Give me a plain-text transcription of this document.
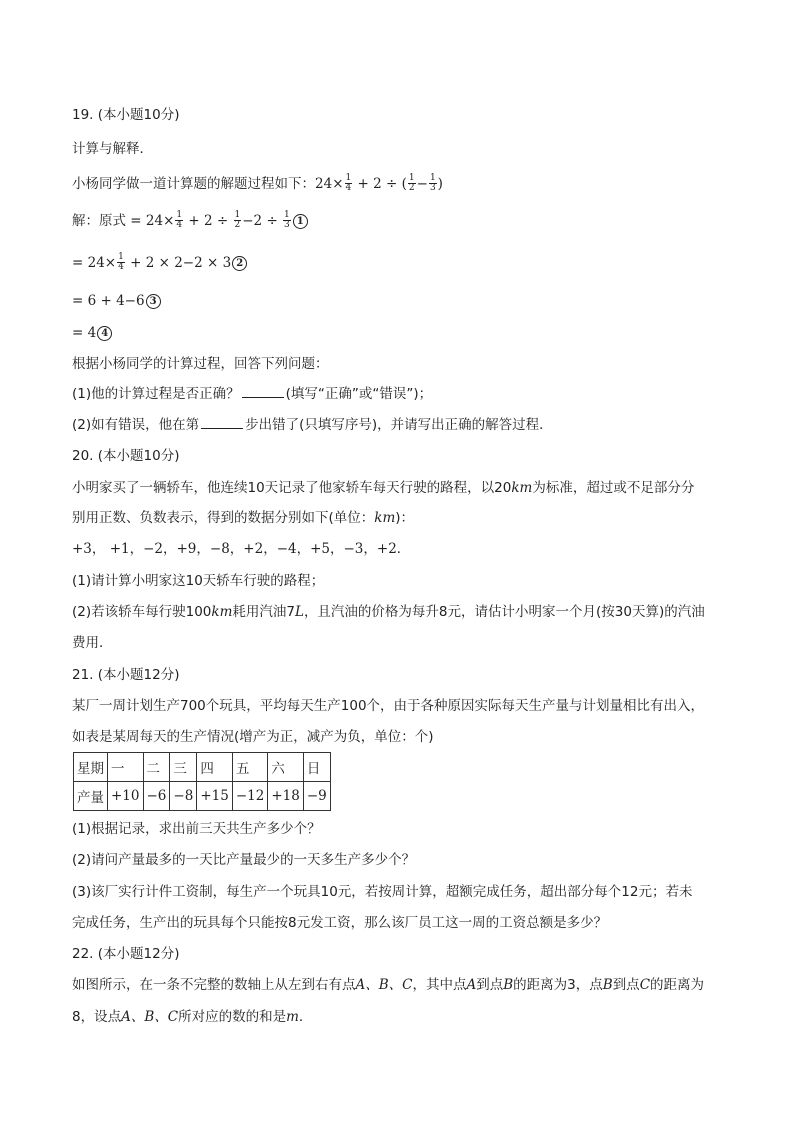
19. (本小题10分)
计算与解释．
小杨同学做一道计算题的解题过程如下：$24\times \frac{1}{4} + 2$ ÷ ( $\frac{1}{2} - \frac{1}{3}$ )
解：原式 = $24\times \frac{1}{4} + 2 \div \frac{1}{2} -2 \div \frac{1}{3} 1$
= $24\times \frac{1}{4} + 2 \times 2-2 \times 3$ 2
= 6 + 4−6 3
= 4 4
根据小杨同学的计算过程，回答下列问题：
(1)他的计算过程是否正确？	(填写“正确”或“错误”)；
(2)如有错误，他在第	步出错了(只填写序号)，并请写出正确的解答过程．
20. (本小题10分)
小明家买了一辆轿车，他连续10天记录了他家轿车每天行驶的路程，以20km为标准，超过或不足部分分
别用正数、负数表示，得到的数据分别如下(单位：km)：
+3， +1，−2，+9，−8，+2，−4，+5，−3，+2．
(1)请计算小明家这10天轿车行驶的路程；
(2)若该轿车每行驶100km耗用汽油7L，且汽油的价格为每升8元，请估计小明家一个月(按30天算)的汽油
费用．
21. (本小题12分)
某厂一周计划生产700个玩具，平均每天生产100个，由于各种原因实际每天生产量与计划量相比有出入，
如表是某周每天的生产情况(增产为正，减产为负，单位：个)
星期	一	二	三	四	五	六	日
产量	+10	−6	−8	+15	−12	+18	−9
(1)根据记录，求出前三天共生产多少个？
(2)请问产量最多的一天比产量最少的一天多生产多少个？
(3)该厂实行计件工资制，每生产一个玩具10元，若按周计算，超额完成任务，超出部分每个12元；若未
完成任务，生产出的玩具每个只能按8元发工资，那么该厂员工这一周的工资总额是多少？
22. (本小题12分)
如图所示，在一条不完整的数轴上从左到右有点A、B、C，其中点A到点B的距离为3，点B到点C的距离为
8，设点A、B、C所对应的数的和是m．
